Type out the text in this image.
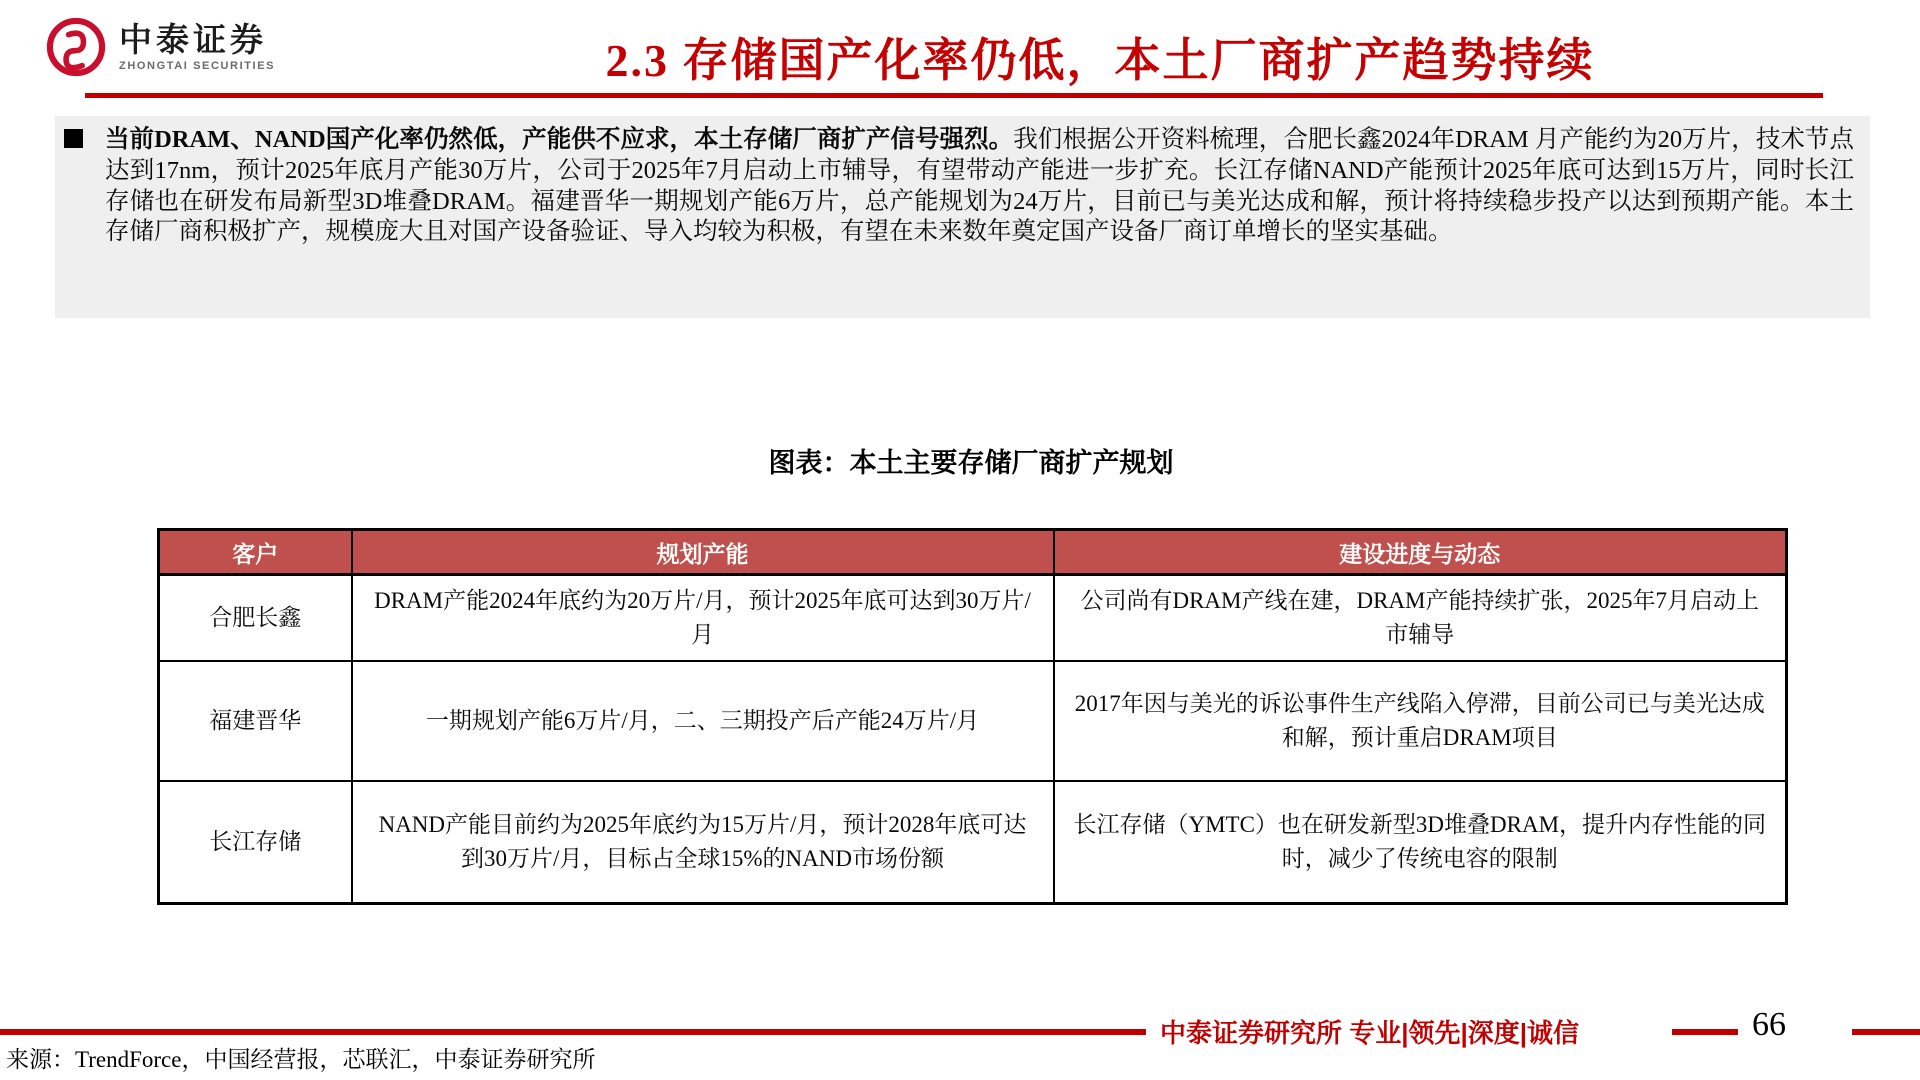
中泰证券
ZHONGTAI SECURITIES	2.3 存储国产化率仍低，本土厂商扩产趋势持续
当前DRAM、NAND国产化率仍然低，产能供不应求，本土存储厂商扩产信号强烈。我们根据公开资料梳理，合肥长鑫2024年DRAM 月产能约为20万片，技术节点达到17nm，预计2025年底月产能30万片，公司于2025年7月启动上市辅导，有望带动产能进一步扩充。长江存储NAND产能预计2025年底可达到15万片，同时长江存储也在研发布局新型3D堆叠DRAM。福建晋华一期规划产能6万片，总产能规划为24万片，目前已与美光达成和解，预计将持续稳步投产以达到预期产能。本土存储厂商积极扩产，规模庞大且对国产设备验证、导入均较为积极，有望在未来数年奠定国产设备厂商订单增长的坚实基础。
图表：本土主要存储厂商扩产规划
客户	规划产能	建设进度与动态
合肥长鑫	DRAM产能2024年底约为20万片/月，预计2025年底可达到30万片/月	公司尚有DRAM产线在建，DRAM产能持续扩张，2025年7月启动上市辅导
福建晋华	一期规划产能6万片/月，二、三期投产后产能24万片/月	2017年因与美光的诉讼事件生产线陷入停滞，目前公司已与美光达成和解，预计重启DRAM项目
长江存储	NAND产能目前约为2025年底约为15万片/月，预计2028年底可达到30万片/月，目标占全球15%的NAND市场份额	长江存储（YMTC）也在研发新型3D堆叠DRAM，提升内存性能的同时，减少了传统电容的限制
中泰证券研究所 专业|领先|深度|诚信	66
来源：TrendForce，中国经营报，芯联汇，中泰证券研究所
